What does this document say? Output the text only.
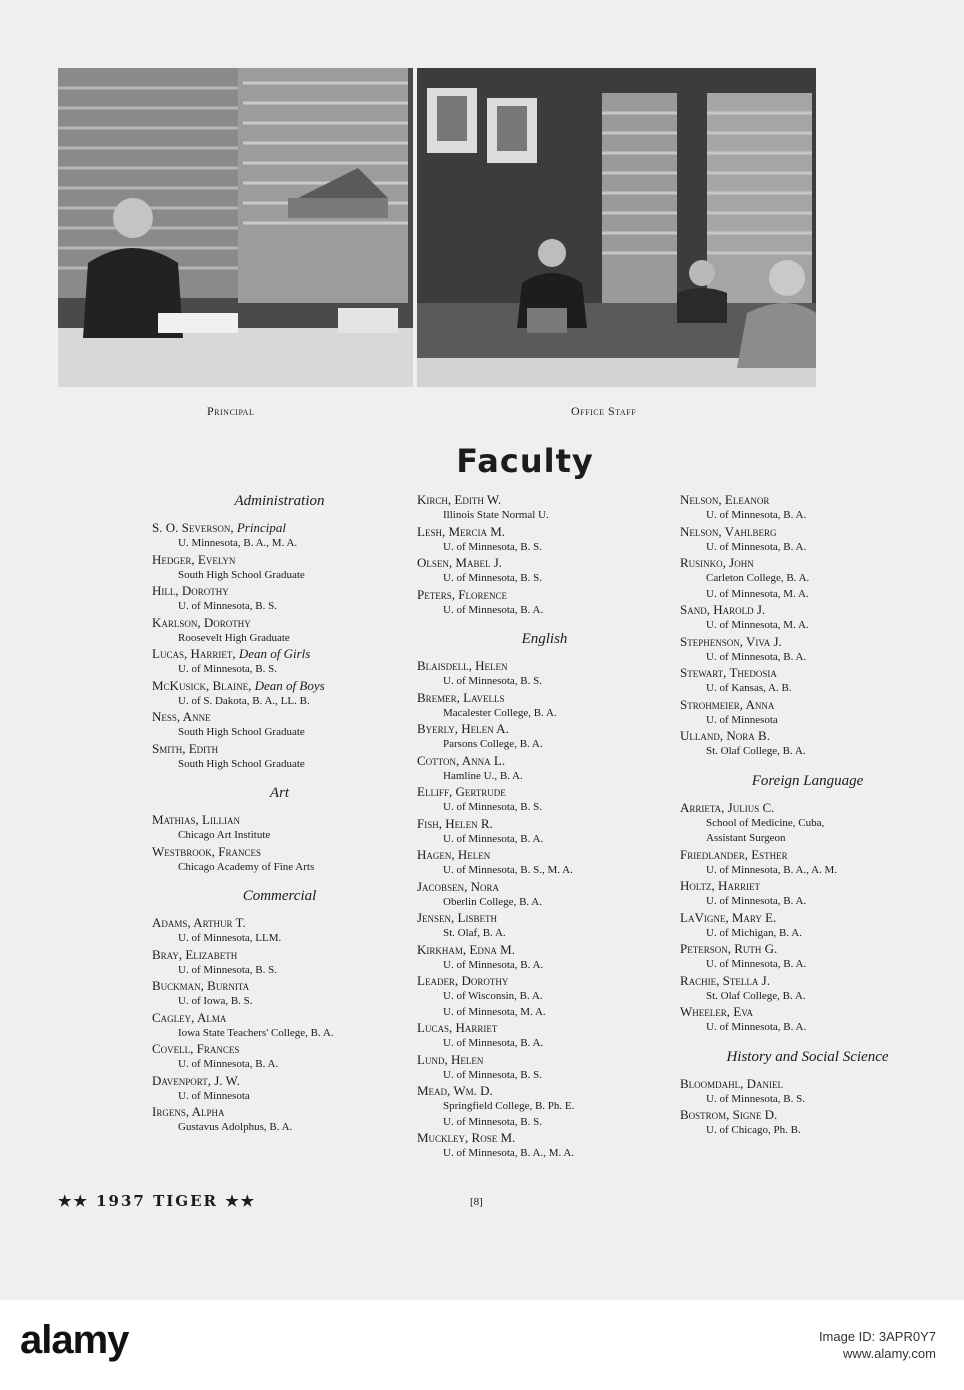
Principal	Office Staff
Faculty
Administration
S. O. Severson, Principal
U. Minnesota, B. A., M. A.
Hedger, Evelyn
South High School Graduate
Hill, Dorothy
U. of Minnesota, B. S.
Karlson, Dorothy
Roosevelt High Graduate
Lucas, Harriet, Dean of Girls
U. of Minnesota, B. S.
McKusick, Blaine, Dean of Boys
U. of S. Dakota, B. A., LL. B.
Ness, Anne
South High School Graduate
Smith, Edith
South High School Graduate
Art
Mathias, Lillian
Chicago Art Institute
Westbrook, Frances
Chicago Academy of Fine Arts
Commercial
Adams, Arthur T.
U. of Minnesota, LLM.
Bray, Elizabeth
U. of Minnesota, B. S.
Buckman, Burnita
U. of Iowa, B. S.
Cagley, Alma
Iowa State Teachers' College, B. A.
Covell, Frances
U. of Minnesota, B. A.
Davenport, J. W.
U. of Minnesota
Irgens, Alpha
Gustavus Adolphus, B. A.
Kirch, Edith W.
Illinois State Normal U.
Lesh, Mercia M.
U. of Minnesota, B. S.
Olsen, Mabel J.
U. of Minnesota, B. S.
Peters, Florence
U. of Minnesota, B. A.
English
Blaisdell, Helen
U. of Minnesota, B. S.
Bremer, Lavells
Macalester College, B. A.
Byerly, Helen A.
Parsons College, B. A.
Cotton, Anna L.
Hamline U., B. A.
Elliff, Gertrude
U. of Minnesota, B. S.
Fish, Helen R.
U. of Minnesota, B. A.
Hagen, Helen
U. of Minnesota, B. S., M. A.
Jacobsen, Nora
Oberlin College, B. A.
Jensen, Lisbeth
St. Olaf, B. A.
Kirkham, Edna M.
U. of Minnesota, B. A.
Leader, Dorothy
U. of Wisconsin, B. A.
U. of Minnesota, M. A.
Lucas, Harriet
U. of Minnesota, B. A.
Lund, Helen
U. of Minnesota, B. S.
Mead, Wm. D.
Springfield College, B. Ph. E.
U. of Minnesota, B. S.
Muckley, Rose M.
U. of Minnesota, B. A., M. A.
Nelson, Eleanor
U. of Minnesota, B. A.
Nelson, Vahlberg
U. of Minnesota, B. A.
Rusinko, John
Carleton College, B. A.
U. of Minnesota, M. A.
Sand, Harold J.
U. of Minnesota, M. A.
Stephenson, Viva J.
U. of Minnesota, B. A.
Stewart, Thedosia
U. of Kansas, A. B.
Strohmeier, Anna
U. of Minnesota
Ulland, Nora B.
St. Olaf College, B. A.
Foreign Language
Arrieta, Julius C.
School of Medicine, Cuba,
Assistant Surgeon
Friedlander, Esther
U. of Minnesota, B. A., A. M.
Holtz, Harriet
U. of Minnesota, B. A.
LaVigne, Mary E.
U. of Michigan, B. A.
Peterson, Ruth G.
U. of Minnesota, B. A.
Rachie, Stella J.
St. Olaf College, B. A.
Wheeler, Eva
U. of Minnesota, B. A.
History and Social Science
Bloomdahl, Daniel
U. of Minnesota, B. S.
Bostrom, Signe D.
U. of Chicago, Ph. B.
★★ 1937 TIGER ★★	[8]
alamy	Image ID: 3APR0Y7
www.alamy.com
